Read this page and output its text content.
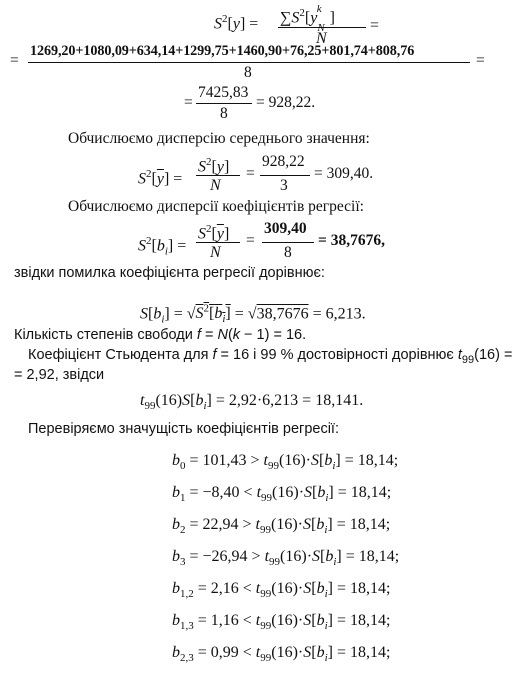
$S^2[y] = \sum S^2[y^k]$
N
=
=
1269,20+1080,09+634,14+1299,75+1460,90+76,25+801,74+808,76
8
=
=
7425,83
8
= 928,22.
Обчислюємо дисперсію середнього значення:
$S^2[\overline{y}]$ =
$S^2[y]$
N
=
928,22
3
= 309,40.
Обчислюємо дисперсії коефіцієнтів регресії:
$S^2[b_i]$ =
$S^2[\overline{y}]$
N
=
309,40
8
= 38,7676,
звідки помилка коефіцієнта регресії дорівнює:
$S[b_i] = √S^2[b_i] = √38,7676 = 6,213$.
Кількість степенів свободи f = N(k − 1) = 16.
Коефіцієнт Стьюдента для f = 16 і 99 % достовірності дорівнює $t_{99}(16)$ =
= 2,92, звідси
$t_{99}(16)S[b_i] = 2,92\cdot 6,213 = 18,141$.
Перевіряємо значущість коефіцієнтів регресії:
$b_0 = 101,43 > t_{99}(16)\cdot S[b_i] = 18,14$;
$b_1 = -8,40 < t_{99}(16)\cdot S[b_i] = 18,14$;
$b_2 = 22,94 > t_{99}(16)\cdot S[b_i] = 18,14$;
$b_3 = -26,94 > t_{99}(16)\cdot S[b_i] = 18,14$;
$b_{1,2} = 2,16 < t_{99}(16)\cdot S[b_i] = 18,14$;
$b_{1,3} = 1,16 < t_{99}(16)\cdot S[b_i] = 18,14$;
$b_{2,3} = 0,99 < t_{99}(16)\cdot S[b_i] = 18,14$;
